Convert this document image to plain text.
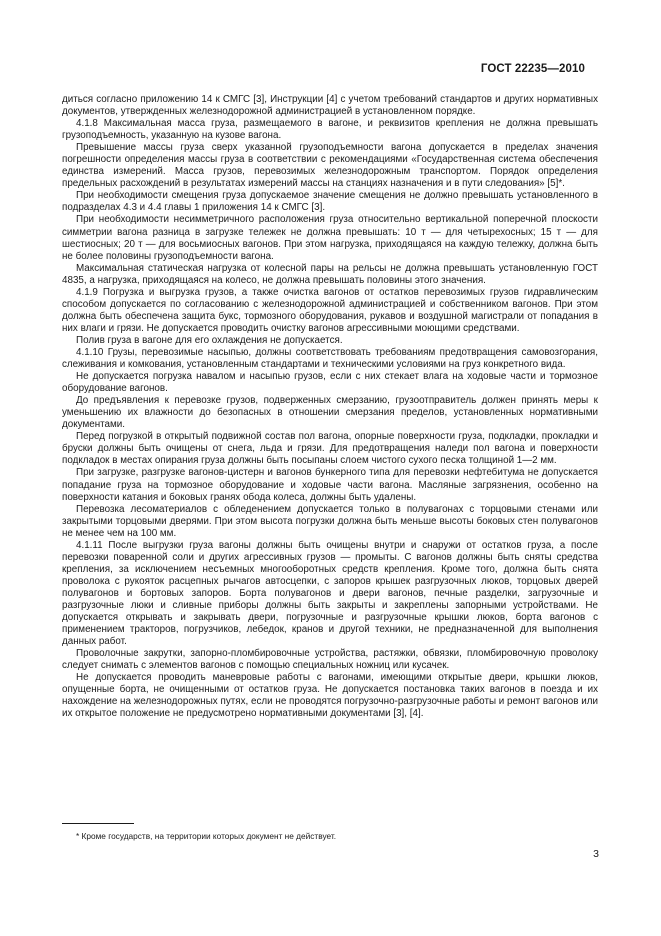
ГОСТ 22235—2010

диться согласно приложению 14 к СМГС [3], Инструкции [4] с учетом требований стандартов и других нормативных документов, утвержденных железнодорожной администрацией в установленном порядке.

4.1.8 Максимальная масса груза, размещаемого в вагоне, и реквизитов крепления не должна превышать грузоподъемность, указанную на кузове вагона.

Превышение массы груза сверх указанной грузоподъемности вагона допускается в пределах значения погрешности определения массы груза в соответствии с рекомендациями «Государственная система обеспечения единства измерений. Масса грузов, перевозимых железнодорожным транспортом. Порядок определения предельных расхождений в результатах измерений массы на станциях назначения и в пути следования» [5]*.

При необходимости смещения груза допускаемое значение смещения не должно превышать установленного в подразделах 4.3 и 4.4 главы 1 приложения 14 к СМГС [3].

При необходимости несимметричного расположения груза относительно вертикальной поперечной плоскости симметрии вагона разница в загрузке тележек не должна превышать: 10 т — для четырехосных; 15 т — для шестиосных; 20 т — для восьмиосных вагонов. При этом нагрузка, приходящаяся на каждую тележку, должна быть не более половины грузоподъемности вагона.

Максимальная статическая нагрузка от колесной пары на рельсы не должна превышать установленную ГОСТ 4835, а нагрузка, приходящаяся на колесо, не должна превышать половины этого значения.

4.1.9 Погрузка и выгрузка грузов, а также очистка вагонов от остатков перевозимых грузов гидравлическим способом допускается по согласованию с железнодорожной администрацией и собственником вагонов. При этом должна быть обеспечена защита букс, тормозного оборудования, рукавов и воздушной магистрали от попадания в них влаги и грязи. Не допускается проводить очистку вагонов агрессивными моющими средствами.

Полив груза в вагоне для его охлаждения не допускается.

4.1.10 Грузы, перевозимые насыпью, должны соответствовать требованиям предотвращения самовозгорания, слеживания и комкования, установленным стандартами и техническими условиями на груз конкретного вида.

Не допускается погрузка навалом и насыпью грузов, если с них стекает влага на ходовые части и тормозное оборудование вагонов.

До предъявления к перевозке грузов, подверженных смерзанию, грузоотправитель должен принять меры к уменьшению их влажности до безопасных в отношении смерзания пределов, установленных нормативными документами.

Перед погрузкой в открытый подвижной состав пол вагона, опорные поверхности груза, подкладки, прокладки и бруски должны быть очищены от снега, льда и грязи. Для предотвращения наледи пол вагона и поверхности подкладок в местах опирания груза должны быть посыпаны слоем чистого сухого песка толщиной 1—2 мм.

При загрузке, разгрузке вагонов-цистерн и вагонов бункерного типа для перевозки нефтебитума не допускается попадание груза на тормозное оборудование и ходовые части вагона. Масляные загрязнения, особенно на поверхности катания и боковых гранях обода колеса, должны быть удалены.

Перевозка лесоматериалов с обледенением допускается только в полувагонах с торцовыми стенами или закрытыми торцовыми дверями. При этом высота погрузки должна быть меньше высоты боковых стен полувагонов не менее чем на 100 мм.

4.1.11 После выгрузки груза вагоны должны быть очищены внутри и снаружи от остатков груза, а после перевозки поваренной соли и других агрессивных грузов — промыты. С вагонов должны быть сняты средства крепления, за исключением несъемных многооборотных средств крепления. Кроме того, должна быть снята проволока с рукояток расцепных рычагов автосцепки, с запоров крышек разгрузочных люков, торцовых дверей полувагонов и бортовых запоров. Борта полувагонов и двери вагонов, печные разделки, загрузочные и разгрузочные люки и сливные приборы должны быть закрыты и закреплены запорными устройствами. Не допускается открывать и закрывать двери, погрузочные и разгрузочные крышки люков, борта вагонов с применением тракторов, погрузчиков, лебедок, кранов и другой техники, не предназначенной для выполнения данных работ.

Проволочные закрутки, запорно-пломбировочные устройства, растяжки, обвязки, пломбировочную проволоку следует снимать с элементов вагонов с помощью специальных ножниц или кусачек.

Не допускается проводить маневровые работы с вагонами, имеющими открытые двери, крышки люков, опущенные борта, не очищенными от остатков груза. Не допускается постановка таких вагонов в поезда и их нахождение на железнодорожных путях, если не проводятся погрузочно-разгрузочные работы и ремонт вагонов или их открытое положение не предусмотрено нормативными документами [3], [4].

* Кроме государств, на территории которых документ не действует.
3
